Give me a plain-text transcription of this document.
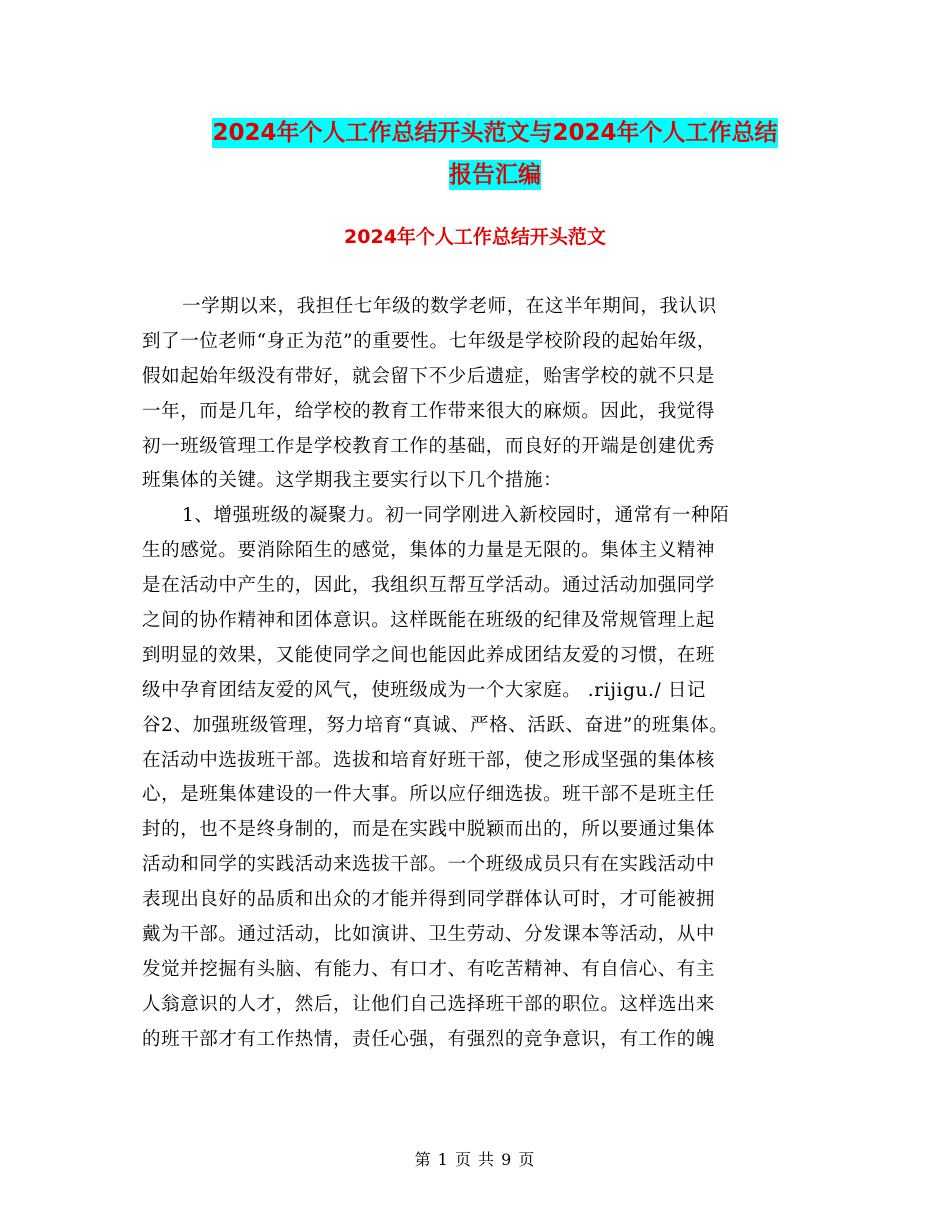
2024年个人工作总结开头范文与2024年个人工作总结
报告汇编
2024年个人工作总结开头范文
一学期以来，我担任七年级的数学老师，在这半年期间，我认识
到了一位老师“身正为范”的重要性。七年级是学校阶段的起始年级，
假如起始年级没有带好，就会留下不少后遗症，贻害学校的就不只是
一年，而是几年，给学校的教育工作带来很大的麻烦。因此，我觉得
初一班级管理工作是学校教育工作的基础，而良好的开端是创建优秀
班集体的关键。这学期我主要实行以下几个措施：
1、增强班级的凝聚力。初一同学刚进入新校园时，通常有一种陌
生的感觉。要消除陌生的感觉，集体的力量是无限的。集体主义精神
是在活动中产生的，因此，我组织互帮互学活动。通过活动加强同学
之间的协作精神和团体意识。这样既能在班级的纪律及常规管理上起
到明显的效果，又能使同学之间也能因此养成团结友爱的习惯，在班
级中孕育团结友爱的风气，使班级成为一个大家庭。 .rijigu./ 日记
谷2、加强班级管理，努力培育“真诚、严格、活跃、奋进”的班集体。
在活动中选拔班干部。选拔和培育好班干部，使之形成坚强的集体核
心，是班集体建设的一件大事。所以应仔细选拔。班干部不是班主任
封的，也不是终身制的，而是在实践中脱颖而出的，所以要通过集体
活动和同学的实践活动来选拔干部。一个班级成员只有在实践活动中
表现出良好的品质和出众的才能并得到同学群体认可时，才可能被拥
戴为干部。通过活动，比如演讲、卫生劳动、分发课本等活动，从中
发觉并挖掘有头脑、有能力、有口才、有吃苦精神、有自信心、有主
人翁意识的人才，然后，让他们自己选择班干部的职位。这样选出来
的班干部才有工作热情，责任心强，有强烈的竞争意识，有工作的魄
第 1 页 共 9 页
